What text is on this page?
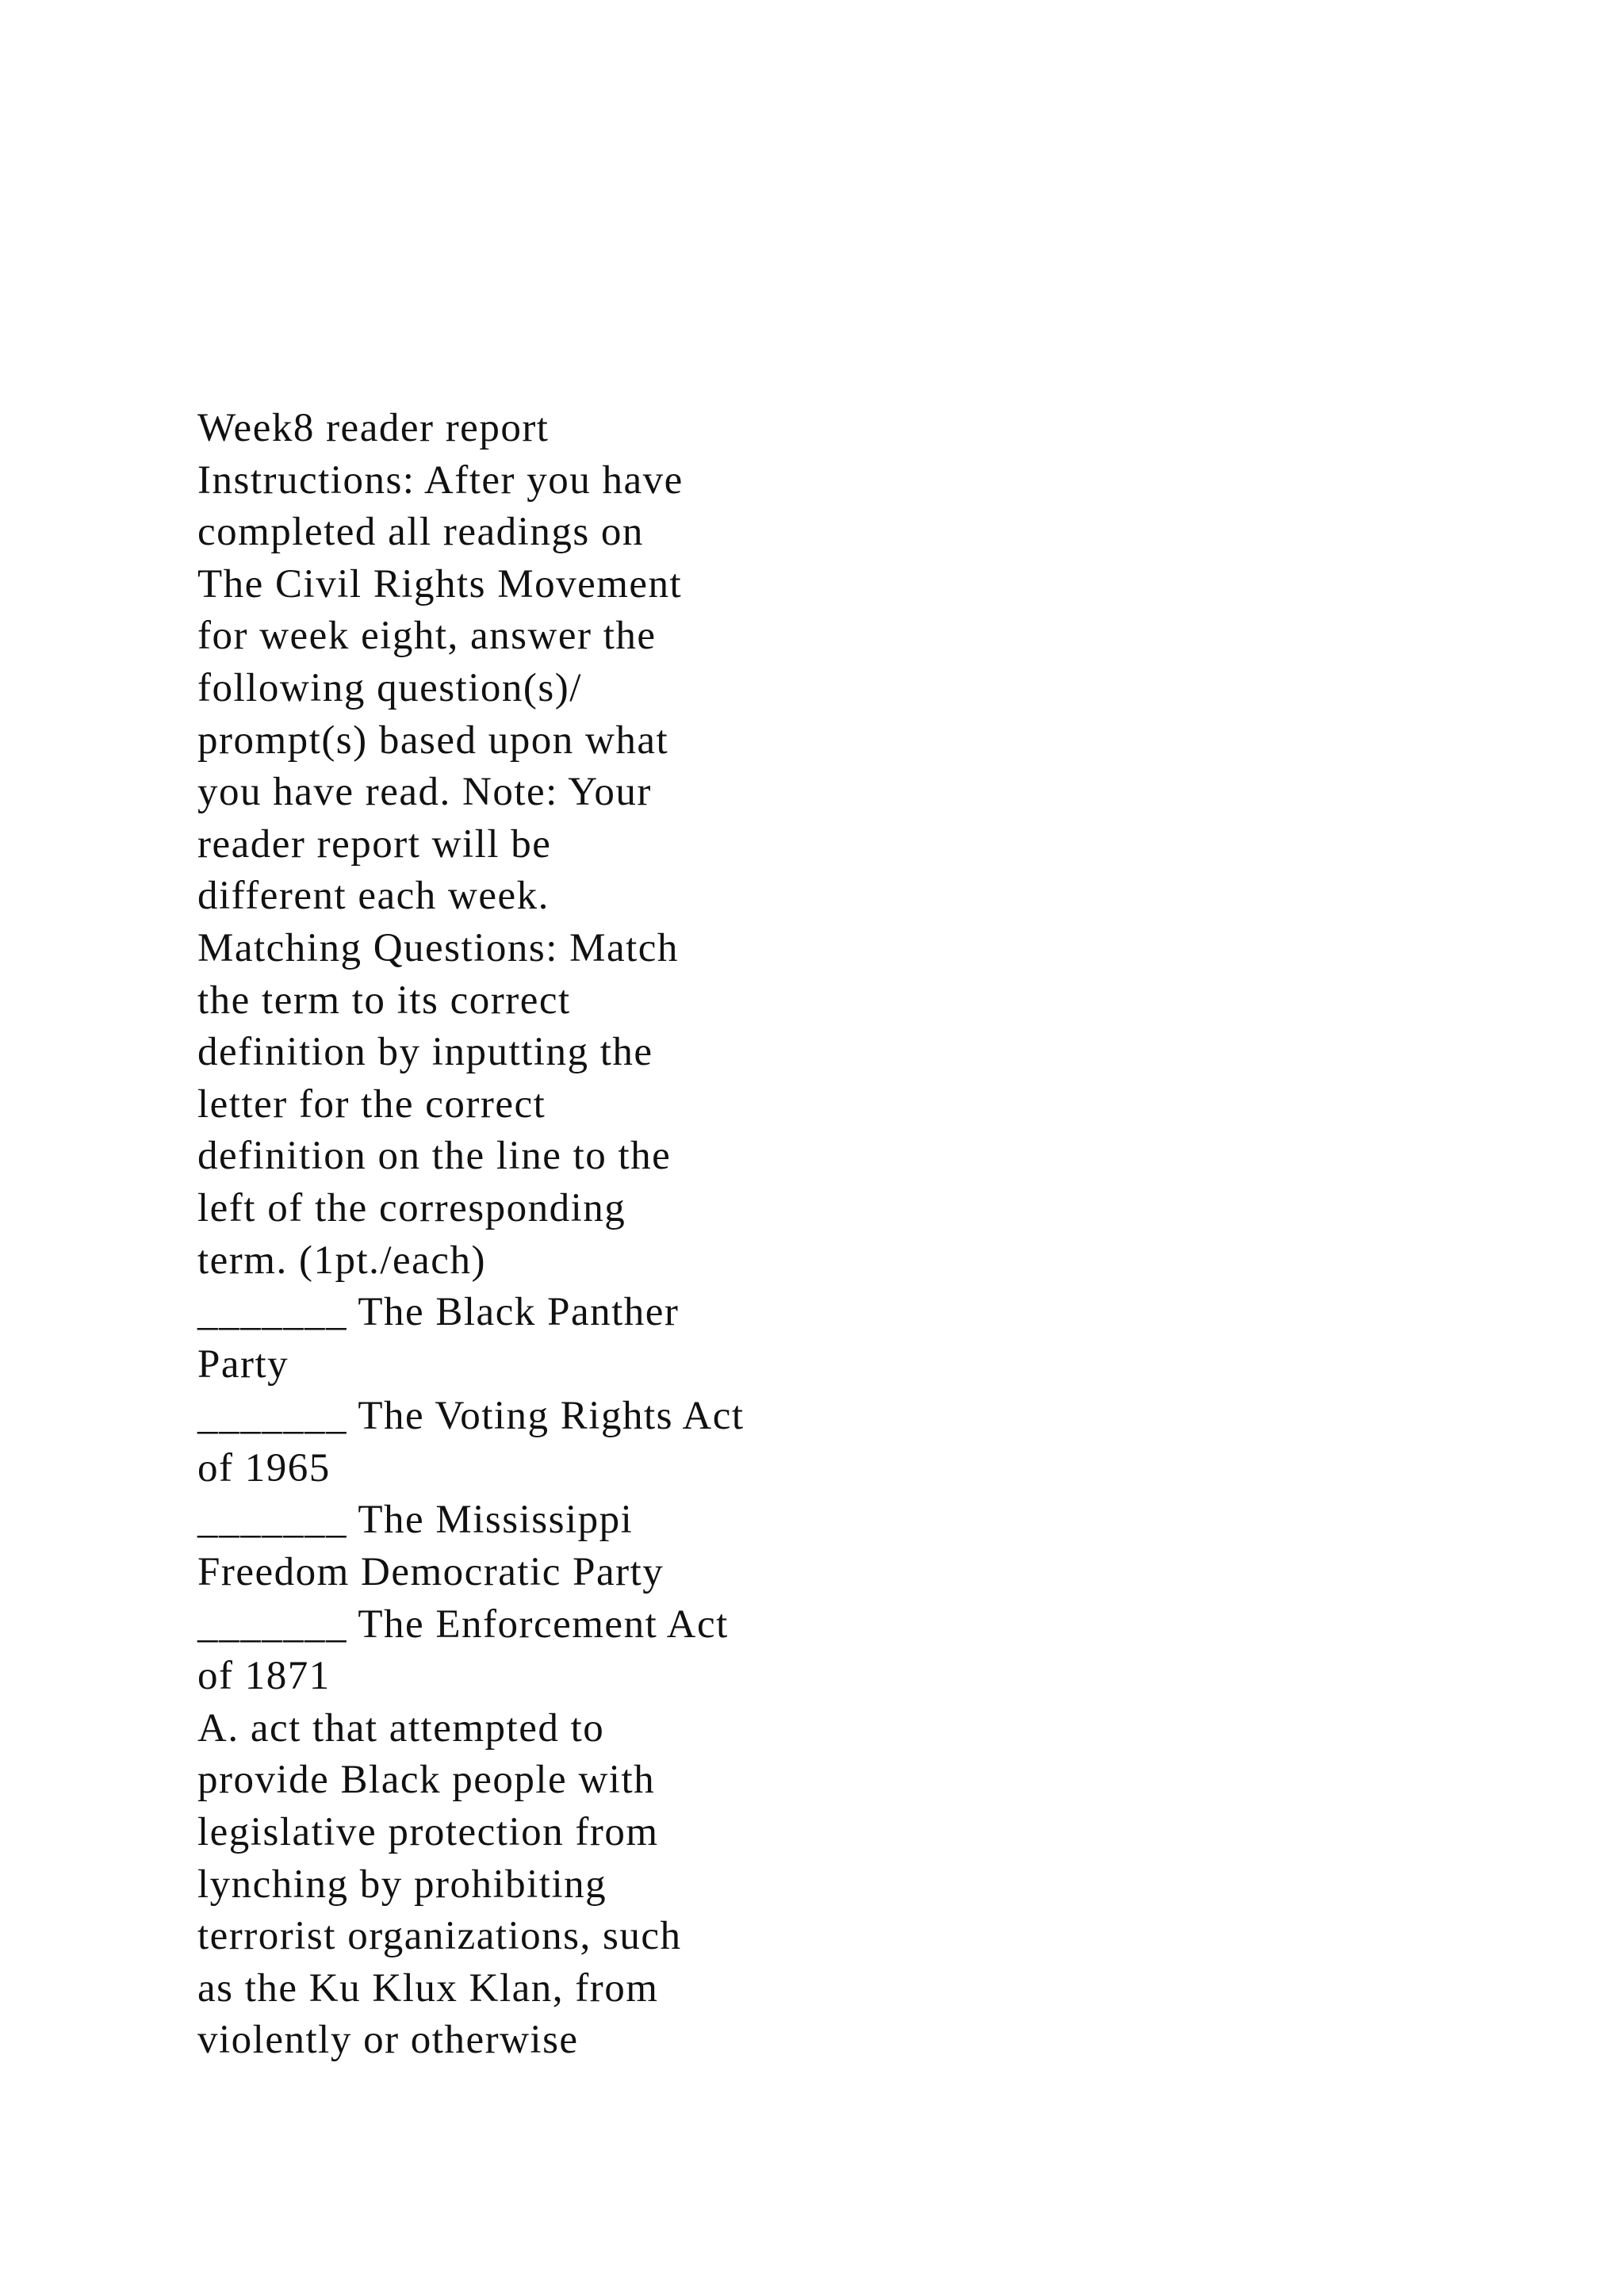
Week8 reader report
Instructions: After you have
completed all readings on
The Civil Rights Movement
for week eight, answer the
following question(s)/
prompt(s) based upon what
you have read. Note: Your
reader report will be
different each week.
Matching Questions: Match
the term to its correct
definition by inputting the
letter for the correct
definition on the line to the
left of the corresponding
term. (1pt./each)
_______ The Black Panther
Party
_______ The Voting Rights Act
of 1965
_______ The Mississippi
Freedom Democratic Party
_______ The Enforcement Act
of 1871
A. act that attempted to
provide Black people with
legislative protection from
lynching by prohibiting
terrorist organizations, such
as the Ku Klux Klan, from
violently or otherwise
